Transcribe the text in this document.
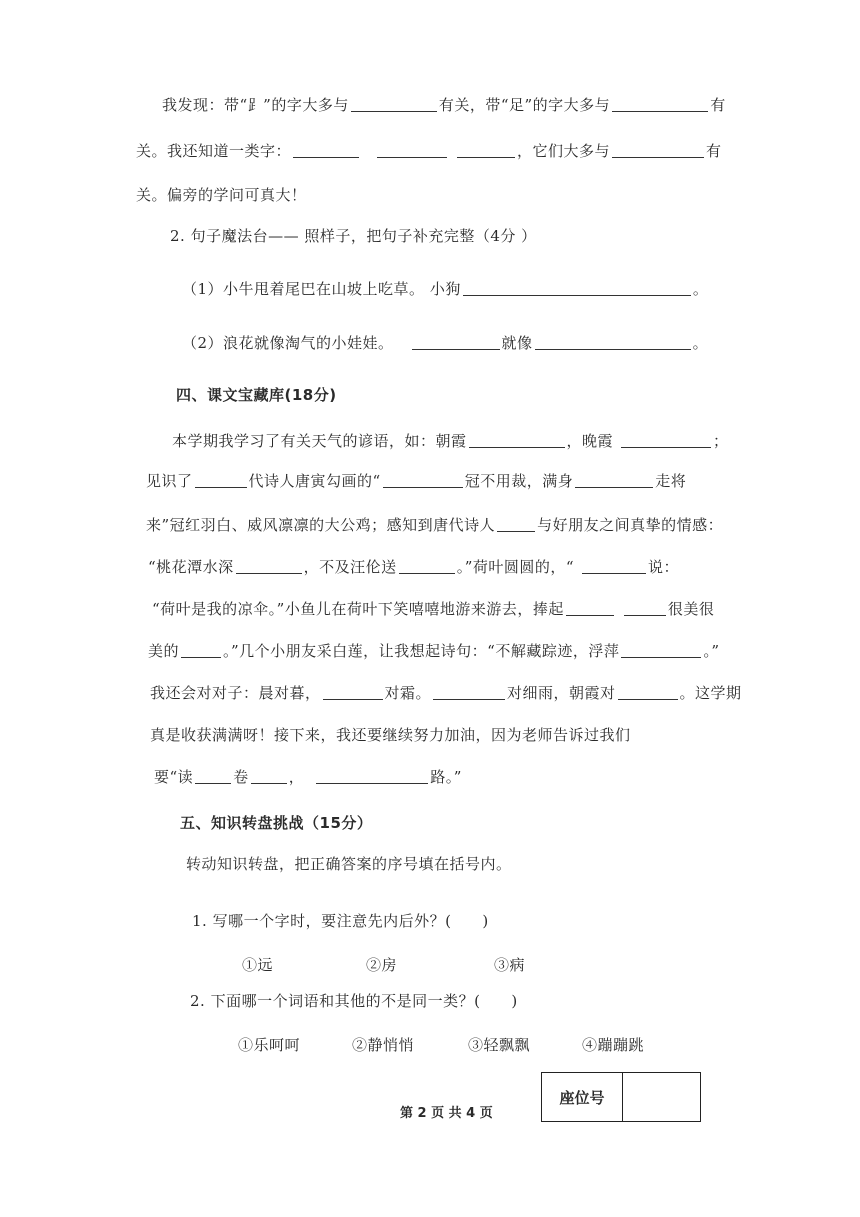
我发现：带“⻊”的字大多与	有关，带“足”的字大多与	有
关。我还知道一类字：	，它们大多与	有
关。偏旁的学问可真大！
2. 句子魔法台—— 照样子，把句子补充完整（4分 ）
（1）小牛甩着尾巴在山坡上吃草。 小狗	。
（2）浪花就像淘气的小娃娃。	就像	。
四、课文宝藏库(18分)
本学期我学习了有关天气的谚语，如：朝霞	，晚霞	；
见识了	代诗人唐寅勾画的“	冠不用裁，满身	走将
来”冠红羽白、威风凛凛的大公鸡；感知到唐代诗人	与好朋友之间真挚的情感：
“桃花潭水深	，不及汪伦送	。”荷叶圆圆的，“	说：
“荷叶是我的凉伞。”小鱼儿在荷叶下笑嘻嘻地游来游去，捧起	很美很
美的	。”几个小朋友采白莲，让我想起诗句：“不解藏踪迹，浮萍	。”
我还会对对子：晨对暮，	对霜。	对细雨，朝霞对	。这学期
真是收获满满呀！接下来，我还要继续努力加油，因为老师告诉过我们
要“读	卷	，	路。”
五、知识转盘挑战（15分）
转动知识转盘，把正确答案的序号填在括号内。
1. 写哪一个字时，要注意先内后外？(　　)
①远	②房	③病
2. 下面哪一个词语和其他的不是同一类？(　　)
①乐呵呵	②静悄悄	③轻飘飘	④蹦蹦跳
第 2 页 共 4 页
座位号
